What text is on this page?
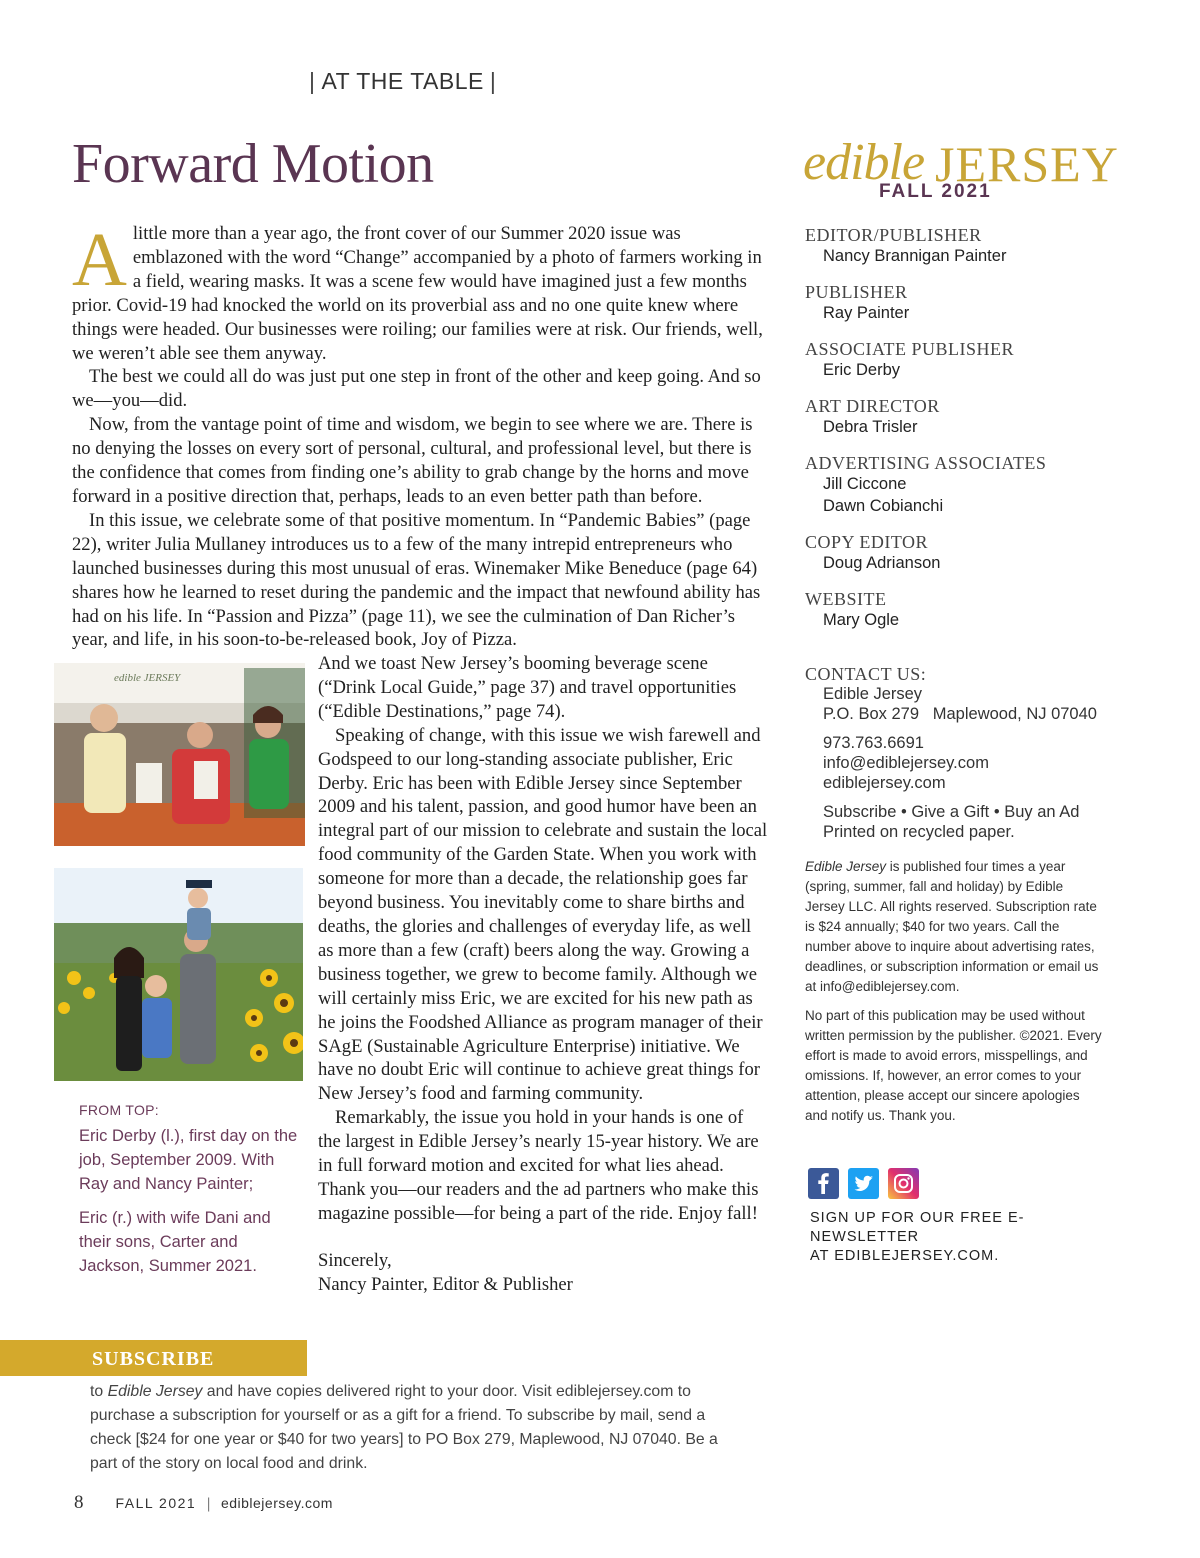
| AT THE TABLE |
Forward Motion

Alittle more than a year ago, the front cover of our Summer 2020 issue was emblazoned with the word “Change” accompanied by a photo of farmers working in a field, wearing masks. It was a scene few would have imagined just a few months prior. Covid-19 had knocked the world on its proverbial ass and no one quite knew where things were headed. Our businesses were roiling; our families were at risk. Our friends, well, we weren’t able see them anyway.

The best we could all do was just put one step in front of the other and keep going. And so we—you—did.

Now, from the vantage point of time and wisdom, we begin to see where we are. There is no denying the losses on every sort of personal, cultural, and professional level, but there is the confidence that comes from finding one’s ability to grab change by the horns and move forward in a positive direction that, perhaps, leads to an even better path than before.

In this issue, we celebrate some of that positive momentum. In “Pandemic Babies” (page 22), writer Julia Mullaney introduces us to a few of the many intrepid entrepreneurs who launched businesses during this most unusual of eras. Winemaker Mike Beneduce (page 64) shares how he learned to reset during the pandemic and the impact that newfound ability has had on his life. In “Passion and Pizza” (page 11), we see the culmination of Dan Richer’s year, and life, in his soon-to-be-released book, Joy of Pizza.

edible JERSEY

And we toast New Jersey’s booming beverage scene (“Drink Local Guide,” page 37) and travel opportunities (“Edible Destinations,” page 74).

Speaking of change, with this issue we wish farewell and Godspeed to our long-standing associate publisher, Eric Derby. Eric has been with Edible Jersey since September 2009 and his talent, passion, and good humor have been an integral part of our mission to celebrate and sustain the local food community of the Garden State. When you work with someone for more than a decade, the relationship goes far beyond business. You inevitably come to share births and deaths, the glories and challenges of everyday life, as well as more than a few (craft) beers along the way. Growing a business together, we grew to become family. Although we will certainly miss Eric, we are excited for his new path as he joins the Foodshed Alliance as program manager of their SAgE (Sustainable Agriculture Enterprise) initiative. We have no doubt Eric will continue to achieve great things for New Jersey’s food and farming community.

Remarkably, the issue you hold in your hands is one of the largest in Edible Jersey’s nearly 15-year history. We are in full forward motion and excited for what lies ahead. Thank you—our readers and the ad partners who make this magazine possible—for being a part of the ride. Enjoy fall!

Sincerely,

Nancy Painter, Editor & Publisher

FROM TOP:

Eric Derby (l.), first day on the job, September 2009. With Ray and Nancy Painter;

Eric (r.) with wife Dani and their sons, Carter and Jackson, Summer 2021.

edible JERSEY
FALL 2021
EDITOR/PUBLISHER
Nancy Brannigan Painter
PUBLISHER
Ray Painter
ASSOCIATE PUBLISHER
Eric Derby
ART DIRECTOR
Debra Trisler
ADVERTISING ASSOCIATES
Jill Ciccone
Dawn Cobianchi
COPY EDITOR
Doug Adrianson
WEBSITE
Mary Ogle
CONTACT US:
Edible Jersey
P.O. Box 279   Maplewood, NJ 07040
973.763.6691
info@ediblejersey.com
ediblejersey.com
Subscribe • Give a Gift • Buy an Ad
Printed on recycled paper.

Edible Jersey is published four times a year (spring, summer, fall and holiday) by Edible Jersey LLC. All rights reserved. Subscription rate is $24 annually; $40 for two years. Call the number above to inquire about advertising rates, deadlines, or subscription information or email us at info@ediblejersey.com.

No part of this publication may be used without written permission by the publisher. ©2021. Every effort is made to avoid errors, misspellings, and omissions. If, however, an error comes to your attention, please accept our sincere apologies and notify us. Thank you.

SIGN UP FOR OUR FREE E-NEWSLETTER
AT EDIBLEJERSEY.COM.
SUBSCRIBE
to Edible Jersey and have copies delivered right to your door. Visit ediblejersey.com to purchase a subscription for yourself or as a gift for a friend. To subscribe by mail, send a check [$24 for one year or $40 for two years] to PO Box 279, Maplewood, NJ 07040. Be a part of the story on local food and drink.
8 FALL 2021 | ediblejersey.com
